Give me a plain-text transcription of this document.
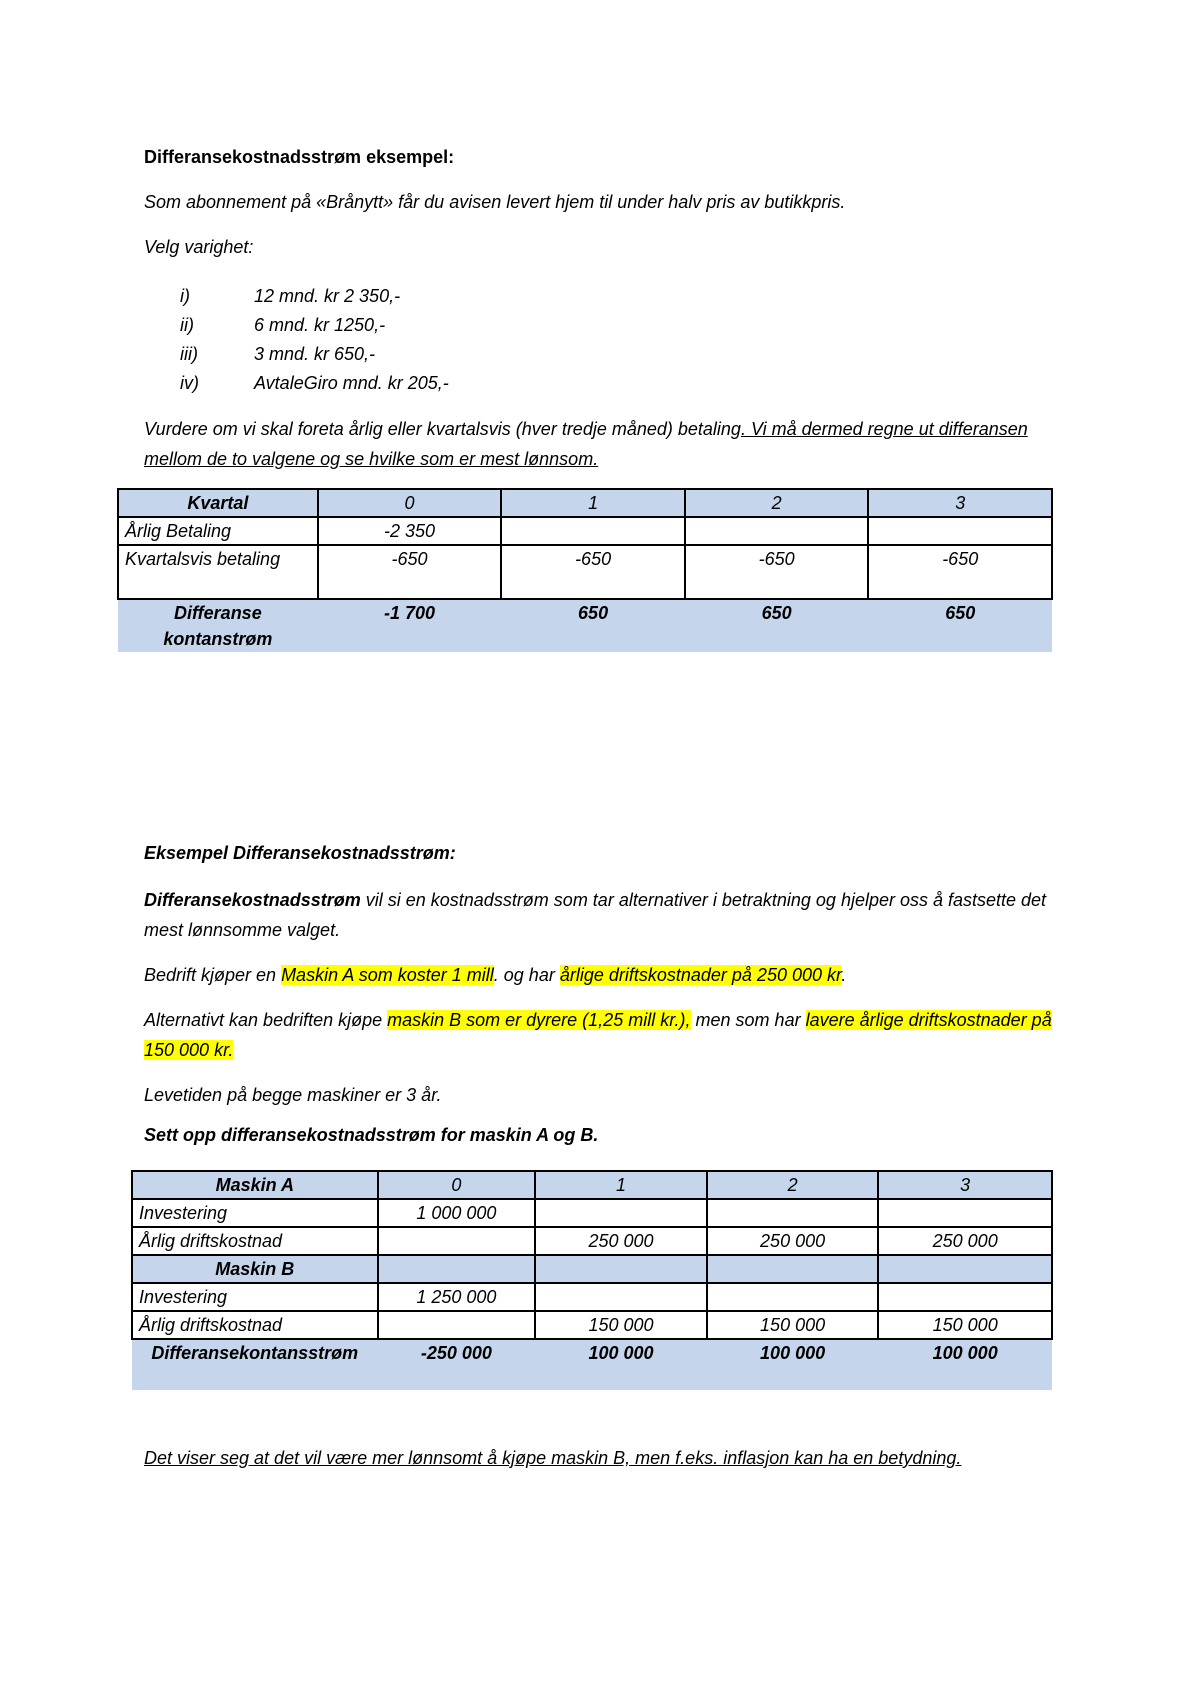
Differansekostnadsstrøm eksempel:
Som abonnement på «Brånytt» får du avisen levert hjem til under halv pris av butikkpris.
Velg varighet:
i)	12 mnd. kr 2 350,-
ii)	6 mnd. kr 1250,-
iii)	3 mnd. kr 650,-
iv)	AvtaleGiro mnd. kr 205,-
Vurdere om vi skal foreta årlig eller kvartalsvis (hver tredje måned) betaling. Vi må dermed regne ut differansen mellom de to valgene og se hvilke som er mest lønnsom.
Kvartal	0	1	2	3
Årlig Betaling	-2 350			
Kvartalsvis betaling	-650	-650	-650	-650
Differanse kontanstrøm	-1 700	650	650	650
Eksempel Differansekostnadsstrøm:
Differansekostnadsstrøm vil si en kostnadsstrøm som tar alternativer i betraktning og hjelper oss å fastsette det mest lønnsomme valget.
Bedrift kjøper en Maskin A som koster 1 mill. og har årlige driftskostnader på 250 000 kr.
Alternativt kan bedriften kjøpe maskin B som er dyrere (1,25 mill kr.), men som har lavere årlige driftskostnader på 150 000 kr.
Levetiden på begge maskiner er 3 år.
Sett opp differansekostnadsstrøm for maskin A og B.
Maskin A	0	1	2	3
Investering	1 000 000			
Årlig driftskostnad		250 000	250 000	250 000
Maskin B				
Investering	1 250 000			
Årlig driftskostnad		150 000	150 000	150 000
Differansekontansstrøm	-250 000	100 000	100 000	100 000
Det viser seg at det vil være mer lønnsomt å kjøpe maskin B, men f.eks. inflasjon kan ha en betydning.
